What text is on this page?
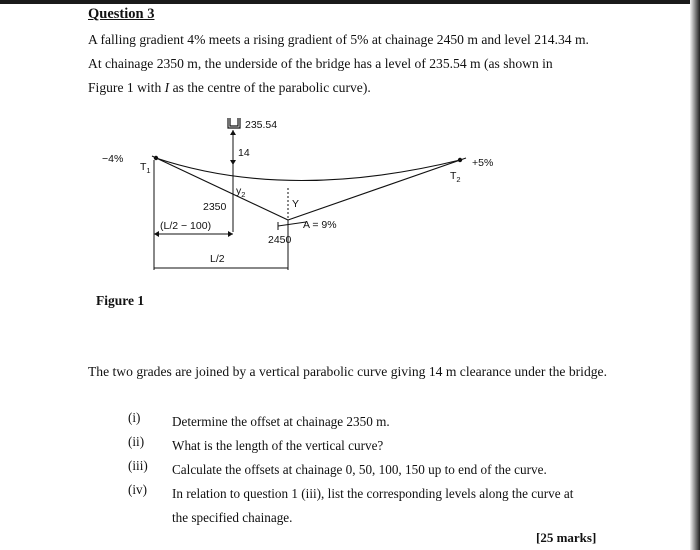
Question 3

A falling gradient 4% meets a rising gradient of 5% at chainage 2450 m and level 214.34 m.
At chainage 2350 m, the underside of the bridge has a level of 235.54 m (as shown in
Figure 1 with I as the centre of the parabolic curve).

235.54
14
−4%
$T_1$
+5%
$T_2$
$y_2$
2350	Y
2450
A = 9%
(L/2 − 100)
L/2
Figure 1

The two grades are joined by a vertical parabolic curve giving 14 m clearance under the bridge.

(i)	Determine the offset at chainage 2350 m.
(ii)	What is the length of the vertical curve?
(iii)	Calculate the offsets at chainage 0, 50, 100, 150 up to end of the curve.
(iv)	In relation to question 1 (iii), list the corresponding levels along the curve at
the specified chainage.
[25 marks]
